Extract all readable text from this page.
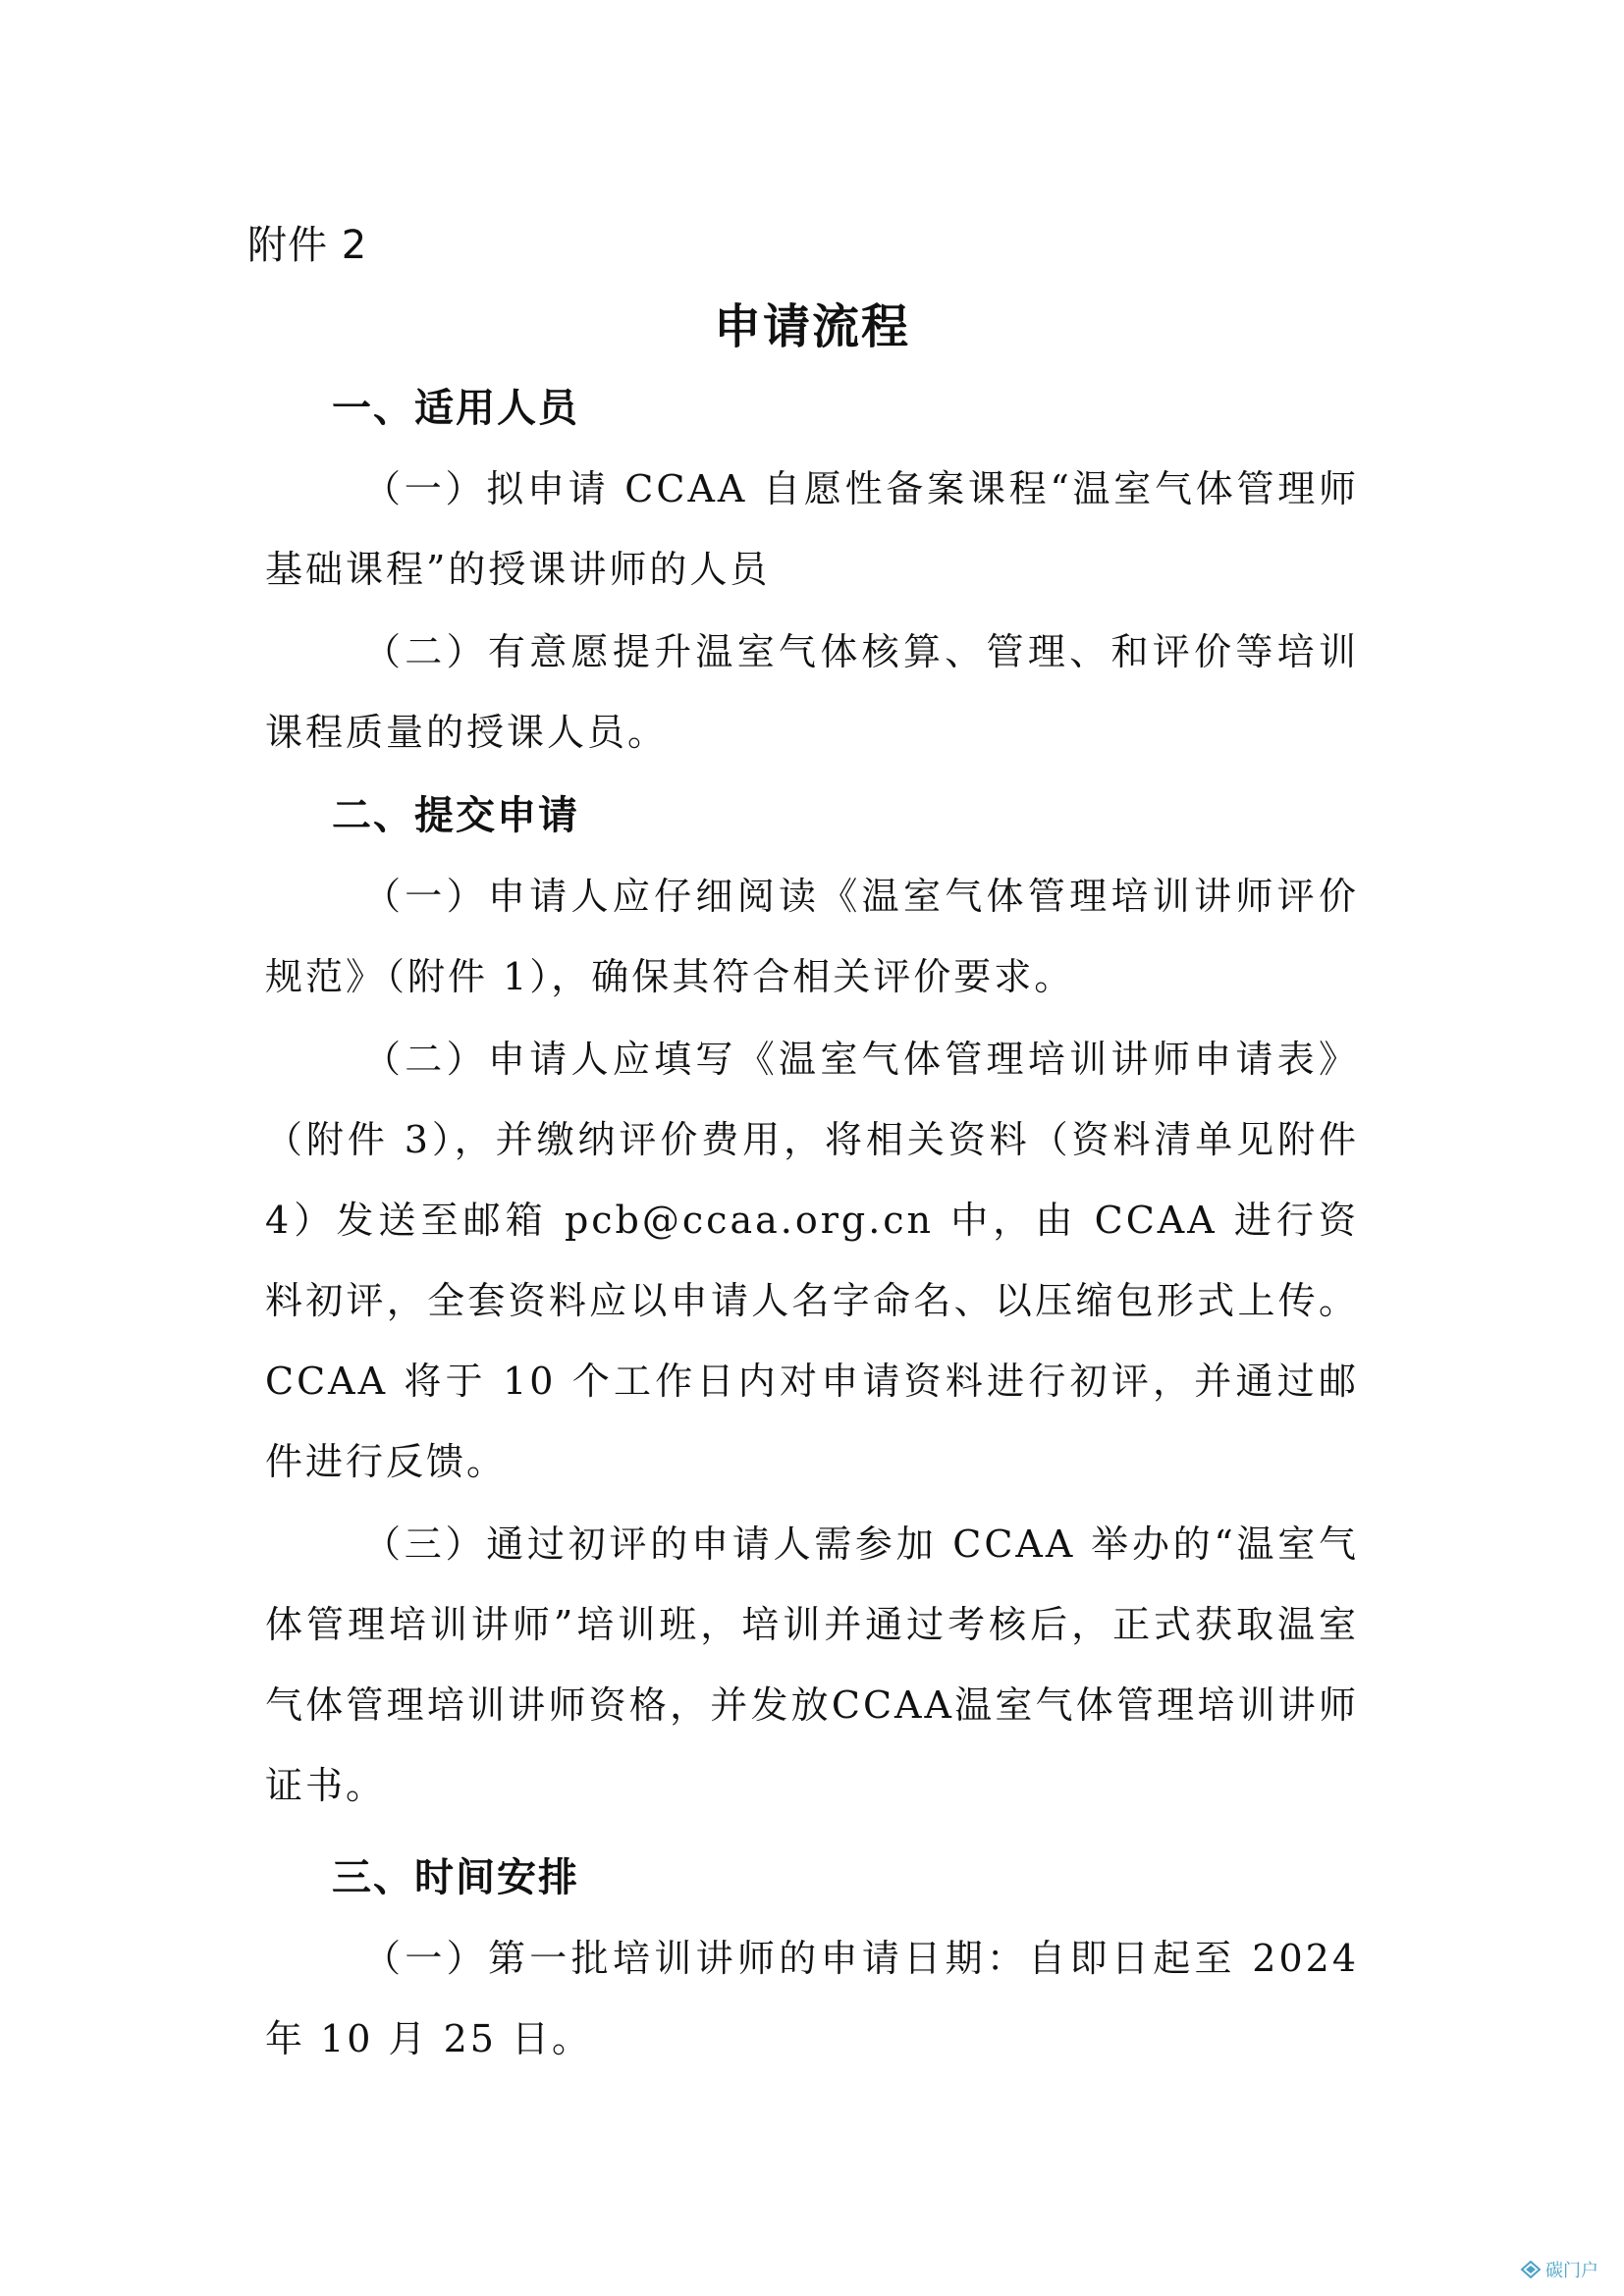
附件 2
申请流程
一、适用人员

（一）拟申请 CCAA 自愿性备案课程“温室气体管理师基础课程”的授课讲师的人员

（二）有意愿提升温室气体核算、管理、和评价等培训课程质量的授课人员。

二、提交申请

（一）申请人应仔细阅读《温室气体管理培训讲师评价规范》（附件 1），确保其符合相关评价要求。

（二）申请人应填写《温室气体管理培训讲师申请表》（附件 3），并缴纳评价费用，将相关资料（资料清单见附件 4）发送至邮箱 pcb@ccaa.org.cn 中，由 CCAA 进行资料初评，全套资料应以申请人名字命名、以压缩包形式上传。CCAA 将于 10 个工作日内对申请资料进行初评，并通过邮件进行反馈。

（三）通过初评的申请人需参加 CCAA 举办的“温室气体管理培训讲师”培训班，培训并通过考核后，正式获取温室气体管理培训讲师资格，并发放CCAA温室气体管理培训讲师证书。

三、时间安排

（一）第一批培训讲师的申请日期：自即日起至 2024年 10 月 25 日。

碳门户
